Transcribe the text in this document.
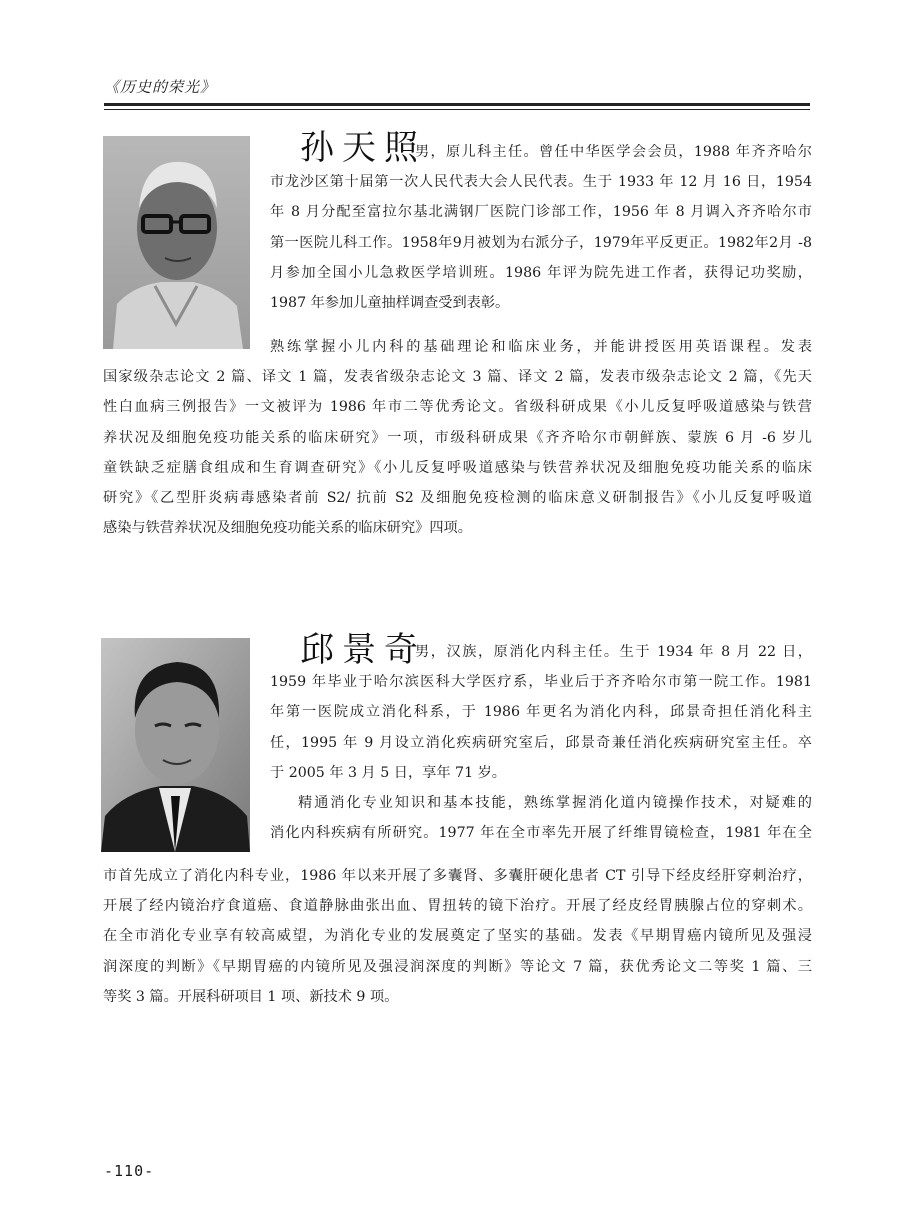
《历史的荣光》
孙天照
男，原儿科主任。曾任中华医学会会员，1988 年齐齐哈尔
市龙沙区第十届第一次人民代表大会人民代表。生于 1933 年 12 月 16 日，1954
年 8 月分配至富拉尔基北满钢厂医院门诊部工作，1956 年 8 月调入齐齐哈尔市
第一医院儿科工作。1958年9月被划为右派分子，1979年平反更正。1982年2月 -8
月参加全国小儿急救医学培训班。1986 年评为院先进工作者，获得记功奖励，
1987 年参加儿童抽样调查受到表彰。
熟练掌握小儿内科的基础理论和临床业务，并能讲授医用英语课程。发表
国家级杂志论文 2 篇、译文 1 篇，发表省级杂志论文 3 篇、译文 2 篇，发表市级杂志论文 2 篇，《先天
性白血病三例报告》一文被评为 1986 年市二等优秀论文。省级科研成果《小儿反复呼吸道感染与铁营
养状况及细胞免疫功能关系的临床研究》一项，市级科研成果《齐齐哈尔市朝鲜族、蒙族 6 月 -6 岁儿
童铁缺乏症膳食组成和生育调查研究》《小儿反复呼吸道感染与铁营养状况及细胞免疫功能关系的临床
研究》《乙型肝炎病毒感染者前 S2/ 抗前 S2 及细胞免疫检测的临床意义研制报告》《小儿反复呼吸道
感染与铁营养状况及细胞免疫功能关系的临床研究》四项。
邱景奇
男，汉族，原消化内科主任。生于 1934 年 8 月 22 日，
1959 年毕业于哈尔滨医科大学医疗系，毕业后于齐齐哈尔市第一院工作。1981
年第一医院成立消化科系，于 1986 年更名为消化内科，邱景奇担任消化科主
任，1995 年 9 月设立消化疾病研究室后，邱景奇兼任消化疾病研究室主任。卒
于 2005 年 3 月 5 日，享年 71 岁。
精通消化专业知识和基本技能，熟练掌握消化道内镜操作技术，对疑难的
消化内科疾病有所研究。1977 年在全市率先开展了纤维胃镜检查，1981 年在全
市首先成立了消化内科专业，1986 年以来开展了多囊肾、多囊肝硬化患者 CT 引导下经皮经肝穿刺治疗，
开展了经内镜治疗食道癌、食道静脉曲张出血、胃扭转的镜下治疗。开展了经皮经胃胰腺占位的穿刺术。
在全市消化专业享有较高威望，为消化专业的发展奠定了坚实的基础。发表《早期胃癌内镜所见及强浸
润深度的判断》《早期胃癌的内镜所见及强浸润深度的判断》等论文 7 篇，获优秀论文二等奖 1 篇、三
等奖 3 篇。开展科研项目 1 项、新技术 9 项。
-110-
